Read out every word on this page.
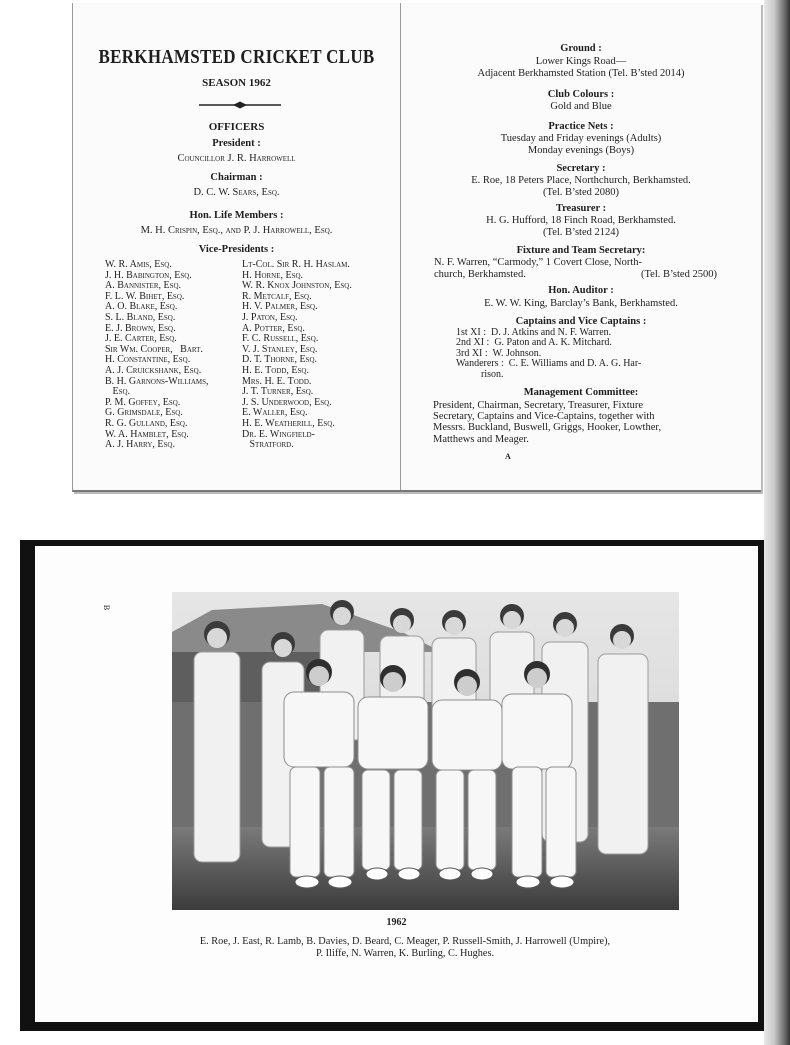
BERKHAMSTED CRICKET CLUB
SEASON 1962
OFFICERS
President :
Councillor J. R. Harrowell
Chairman :
D. C. W. Sears, Esq.
Hon. Life Members :
M. H. Crispin, Esq., and P. J. Harrowell, Esq.
Vice-Presidents :
W. R. Amis, Esq.
J. H. Babington, Esq.
A. Bannister, Esq.
F. L. W. Bihet, Esq.
A. O. Blake, Esq.
S. L. Bland, Esq.
E. J. Brown, Esq.
J. E. Carter, Esq.
Sir Wm. Cooper,   Bart.
H. Constantine, Esq.
A. J. Cruickshank, Esq.
B. H. Garnons-Williams,
Esq.
P. M. Goffey, Esq.
G. Grimsdale, Esq.
R. G. Gulland, Esq.
W. A. Hamblet, Esq.
A. J. Harry, Esq.
Lt-Col. Sir R. H. Haslam.
H. Horne, Esq.
W. R. Knox Johnston, Esq.
R. Metcalf, Esq.
H. V. Palmer, Esq.
J. Paton, Esq.
A. Potter, Esq.
F. C. Russell, Esq.
V. J. Stanley, Esq.
D. T. Thorne, Esq.
H. E. Todd, Esq.
Mrs. H. E. Todd.
J. T. Turner, Esq.
J. S. Underwood, Esq.
E. Waller, Esq.
H. E. Weatherill, Esq.
Dr. E. Wingfield-
Stratford.
Ground :
Lower Kings Road—
Adjacent Berkhamsted Station (Tel. B’sted 2014)
Club Colours :
Gold and Blue
Practice Nets :
Tuesday and Friday evenings (Adults)
Monday evenings (Boys)
Secretary :
E. Roe, 18 Peters Place, Northchurch, Berkhamsted.
(Tel. B’sted 2080)
Treasurer :
H. G. Hufford, 18 Finch Road, Berkhamsted.
(Tel. B’sted 2124)
Fixture and Team Secretary:
N. F. Warren, “Carmody,” 1 Covert Close, North-
church, Berkhamsted.	(Tel. B’sted 2500)
Hon. Auditor :
E. W. W. King, Barclay’s Bank, Berkhamsted.
Captains and Vice Captains :
1st XI :  D. J. Atkins and N. F. Warren.
2nd XI :  G. Paton and A. K. Mitchard.
3rd XI :  W. Johnson.
Wanderers :  C. E. Williams and D. A. G. Har-
rison.
Management Committee:
President, Chairman, Secretary, Treasurer, Fixture
Secretary, Captains and Vice-Captains, together with
Messrs. Buckland, Buswell, Griggs, Hooker, Lowther,
Matthews and Meager.
A
B
1962
E. Roe, J. East, R. Lamb, B. Davies, D. Beard, C. Meager, P. Russell-Smith, J. Harrowell (Umpire),
P. Iliffe, N. Warren, K. Burling, C. Hughes.
